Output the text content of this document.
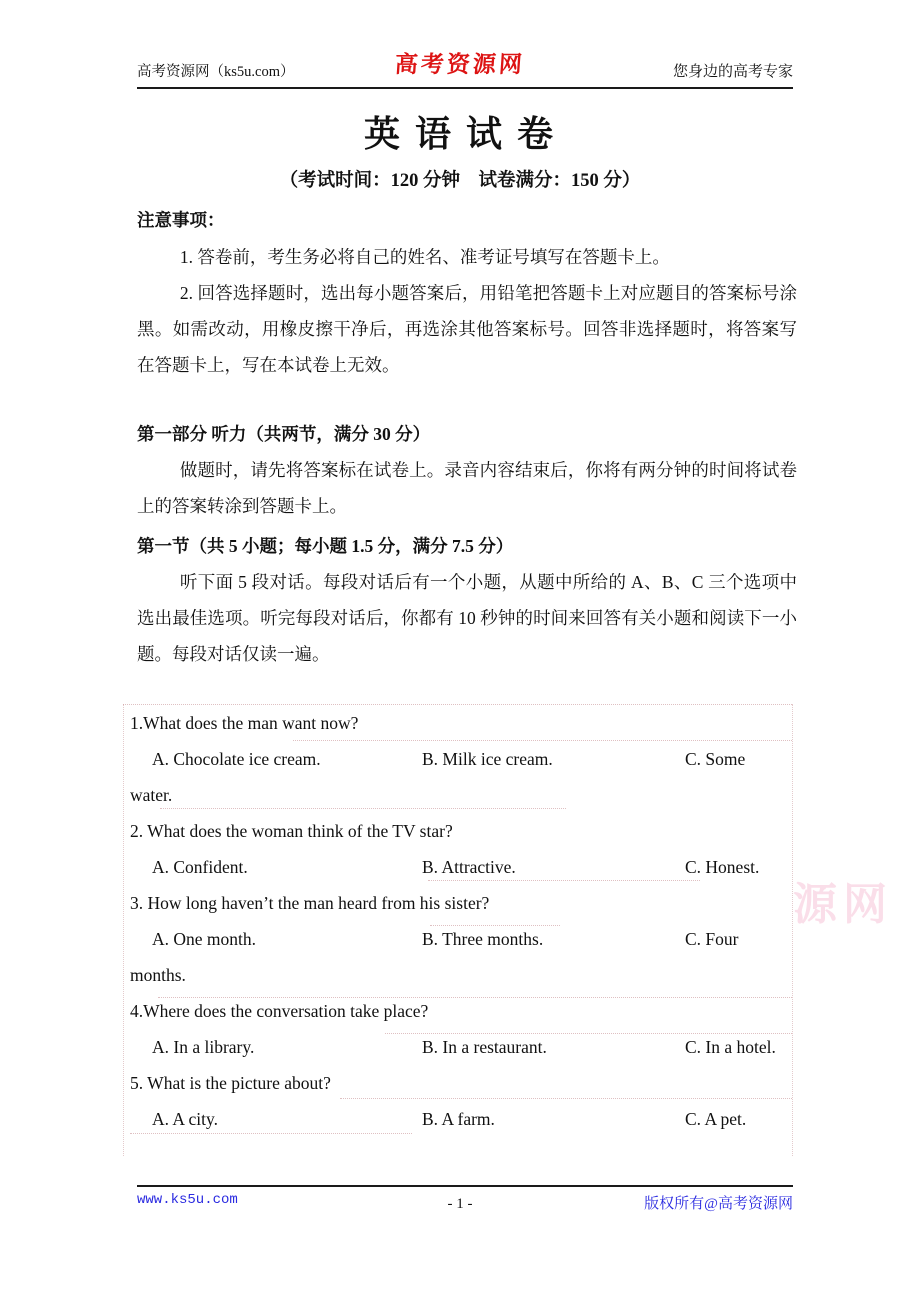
高考资源网（ks5u.com）	高考资源网	您身边的高考专家
英 语 试 卷
（考试时间：120 分钟　试卷满分：150 分）
注意事项：
1. 答卷前，考生务必将自己的姓名、准考证号填写在答题卡上。
2. 回答选择题时，选出每小题答案后，用铅笔把答题卡上对应题目的答案标号涂黑。如需改动，用橡皮擦干净后，再选涂其他答案标号。回答非选择题时，将答案写在答题卡上，写在本试卷上无效。
第一部分 听力（共两节，满分 30 分）
做题时，请先将答案标在试卷上。录音内容结束后，你将有两分钟的时间将试卷上的答案转涂到答题卡上。
第一节（共 5 小题；每小题 1.5 分，满分 7.5 分）
听下面 5 段对话。每段对话后有一个小题，从题中所给的 A、B、C 三个选项中选出最佳选项。听完每段对话后，你都有 10 秒钟的时间来回答有关小题和阅读下一小题。每段对话仅读一遍。
1.What does the man want now?
A. Chocolate ice cream.	B. Milk ice cream.	C. Some
water.
2. What does the woman think of the TV star?
A. Confident.	B. Attractive.	C. Honest.
3. How long haven’t the man heard from his sister?
A. One month.	B. Three months.	C. Four
months.
4.Where does the conversation take place?
A. In a library.	B. In a restaurant.	C. In a hotel.
5. What is the picture about?
A. A city.	B. A farm.	C. A pet.
源网
www.ks5u.com	- 1 -	版权所有@高考资源网
